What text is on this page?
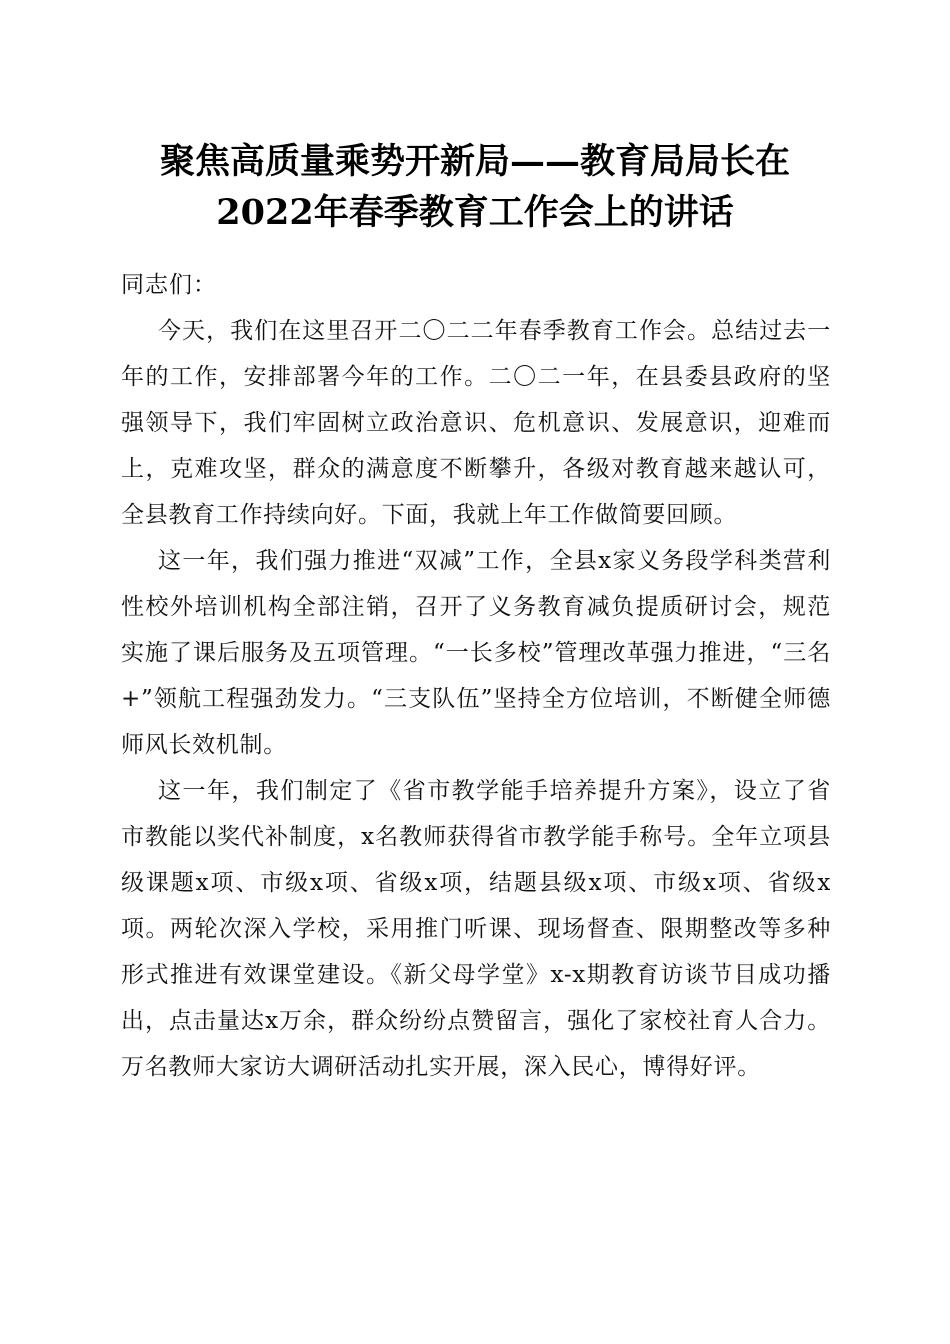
聚焦高质量乘势开新局——教育局局长在
2022年春季教育工作会上的讲话

同志们：

今天，我们在这里召开二〇二二年春季教育工作会。总结过去一年的工作，安排部署今年的工作。二〇二一年，在县委县政府的坚强领导下，我们牢固树立政治意识、危机意识、发展意识，迎难而上，克难攻坚，群众的满意度不断攀升，各级对教育越来越认可，全县教育工作持续向好。下面，我就上年工作做简要回顾。

这一年，我们强力推进“双减”工作，全县x家义务段学科类营利性校外培训机构全部注销，召开了义务教育减负提质研讨会，规范实施了课后服务及五项管理。“一长多校”管理改革强力推进，“三名+”领航工程强劲发力。“三支队伍”坚持全方位培训，不断健全师德师风长效机制。

这一年，我们制定了《省市教学能手培养提升方案》，设立了省市教能以奖代补制度，x名教师获得省市教学能手称号。全年立项县级课题x项、市级x项、省级x项，结题县级x项、市级x项、省级x项。两轮次深入学校，采用推门听课、现场督查、限期整改等多种形式推进有效课堂建设。《新父母学堂》x-x期教育访谈节目成功播出，点击量达x万余，群众纷纷点赞留言，强化了家校社育人合力。万名教师大家访大调研活动扎实开展，深入民心，博得好评。
